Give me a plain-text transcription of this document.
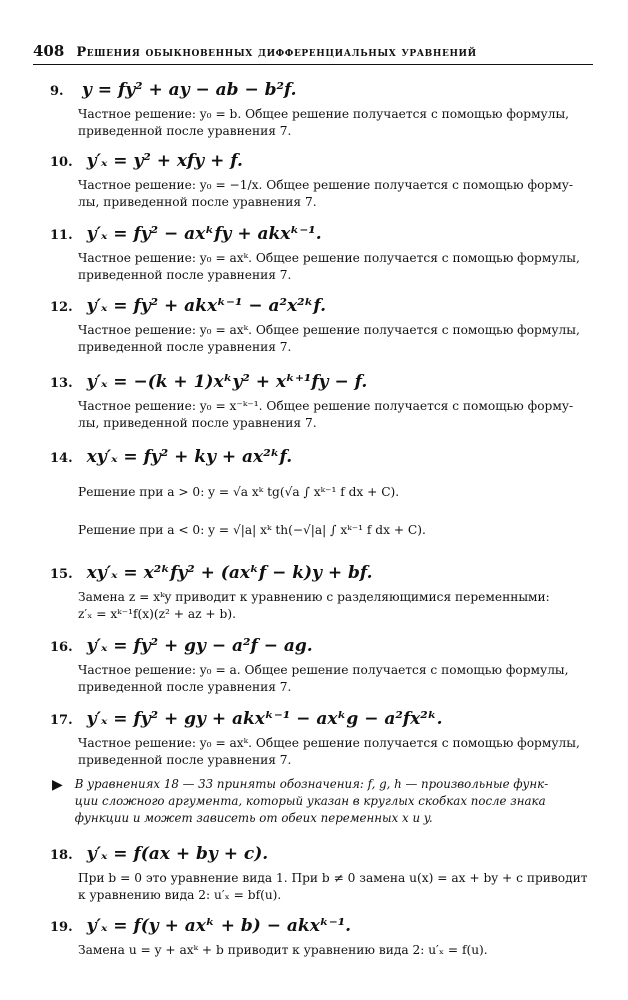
408 Решения обыкновенных дифференциальных уравнений
9. y = fy² + ay − ab − b²f.
Частное решение: y₀ = b. Общее решение получается с помощью формулы,
приведенной после уравнения 7.
10. y′ₓ = y² + xfy + f.
Частное решение: y₀ = −1/x. Общее решение получается с помощью форму-
лы, приведенной после уравнения 7.
11. y′ₓ = fy² − axᵏfy + akxᵏ⁻¹.
Частное решение: y₀ = axᵏ. Общее решение получается с помощью формулы,
приведенной после уравнения 7.
12. y′ₓ = fy² + akxᵏ⁻¹ − a²x²ᵏf.
Частное решение: y₀ = axᵏ. Общее решение получается с помощью формулы,
приведенной после уравнения 7.
13. y′ₓ = −(k + 1)xᵏy² + xᵏ⁺¹fy − f.
Частное решение: y₀ = x⁻ᵏ⁻¹. Общее решение получается с помощью форму-
лы, приведенной после уравнения 7.
14. xy′ₓ = fy² + ky + ax²ᵏf.
Решение при a > 0: y = √a xᵏ tg(√a ∫ xᵏ⁻¹ f dx + C).
Решение при a < 0: y = √|a| xᵏ th(−√|a| ∫ xᵏ⁻¹ f dx + C).
15. xy′ₓ = x²ᵏfy² + (axᵏf − k)y + bf.
Замена z = xᵏy приводит к уравнению с разделяющимися переменными:
z′ₓ = xᵏ⁻¹f(x)(z² + az + b).
16. y′ₓ = fy² + gy − a²f − ag.
Частное решение: y₀ = a. Общее решение получается с помощью формулы,
приведенной после уравнения 7.
17. y′ₓ = fy² + gy + akxᵏ⁻¹ − axᵏg − a²fx²ᵏ.
Частное решение: y₀ = axᵏ. Общее решение получается с помощью формулы,
приведенной после уравнения 7.
▶ В уравнениях 18 — 33 приняты обозначения: f, g, h — произвольные функ-
ции сложного аргумента, который указан в круглых скобках после знака
функции и может зависеть от обеих переменных x и y.
18. y′ₓ = f(ax + by + c).
При b = 0 это уравнение вида 1. При b ≠ 0 замена u(x) = ax + by + c приводит
к уравнению вида 2: u′ₓ = bf(u).
19. y′ₓ = f(y + axᵏ + b) − akxᵏ⁻¹.
Замена u = y + axᵏ + b приводит к уравнению вида 2: u′ₓ = f(u).
